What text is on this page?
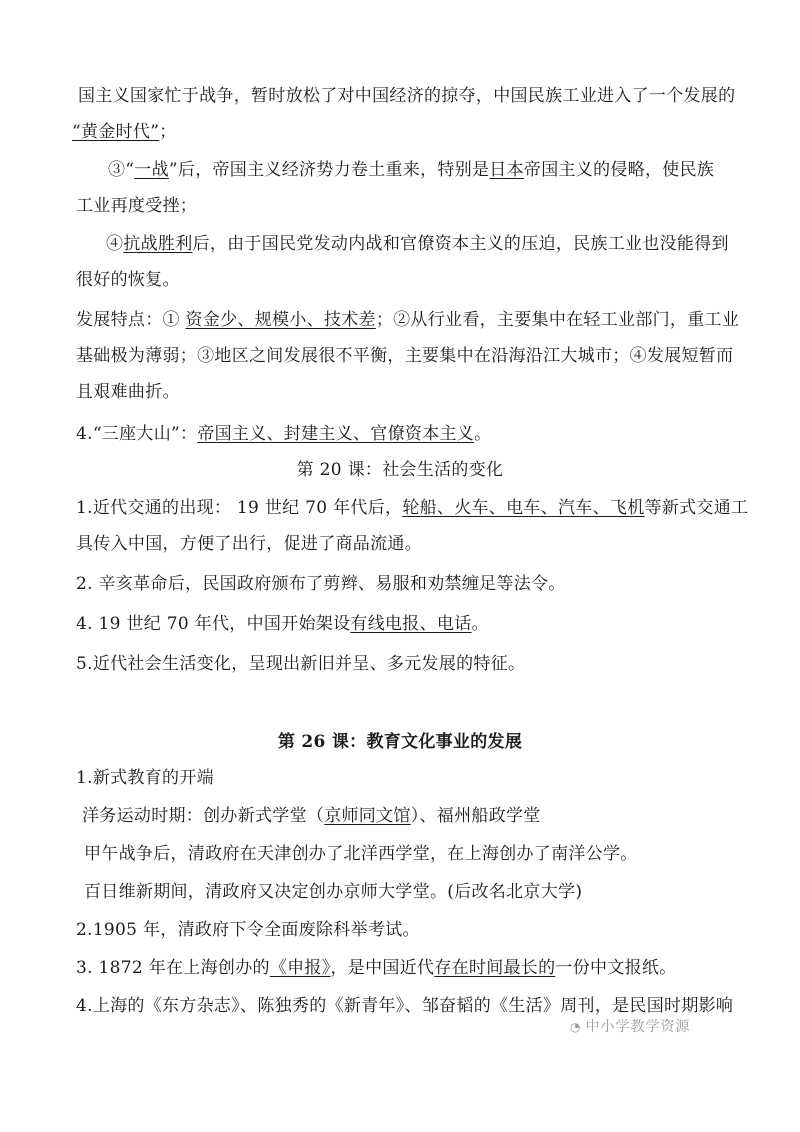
国主义国家忙于战争，暂时放松了对中国经济的掠夺，中国民族工业进入了一个发展的
“黄金时代”；
③“一战”后，帝国主义经济势力卷土重来，特别是日本帝国主义的侵略，使民族
工业再度受挫；
④抗战胜利后，由于国民党发动内战和官僚资本主义的压迫，民族工业也没能得到
很好的恢复。
发展特点：① 资金少、规模小、技术差；②从行业看，主要集中在轻工业部门，重工业
基础极为薄弱；③地区之间发展很不平衡，主要集中在沿海沿江大城市；④发展短暂而
且艰难曲折。
4.“三座大山”：帝国主义、封建主义、官僚资本主义。
第 20 课：社会生活的变化
1.近代交通的出现： 19 世纪 70 年代后，轮船、火车、电车、汽车、飞机等新式交通工
具传入中国，方便了出行，促进了商品流通。
2. 辛亥革命后，民国政府颁布了剪辫、易服和劝禁缠足等法令。
4. 19 世纪 70 年代，中国开始架设有线电报、电话。
5.近代社会生活变化，呈现出新旧并呈、多元发展的特征。
第 26 课：教育文化事业的发展
1.新式教育的开端
洋务运动时期：创办新式学堂（京师同文馆）、福州船政学堂
甲午战争后，清政府在天津创办了北洋西学堂，在上海创办了南洋公学。
百日维新期间，清政府又决定创办京师大学堂。(后改名北京大学)
2.1905 年，清政府下令全面废除科举考试。
3. 1872 年在上海创办的《申报》，是中国近代存在时间最长的一份中文报纸。
4.上海的《东方杂志》、陈独秀的《新青年》、邹奋韬的《生活》周刊，是民国时期影响
◔ 中小学教学资源
